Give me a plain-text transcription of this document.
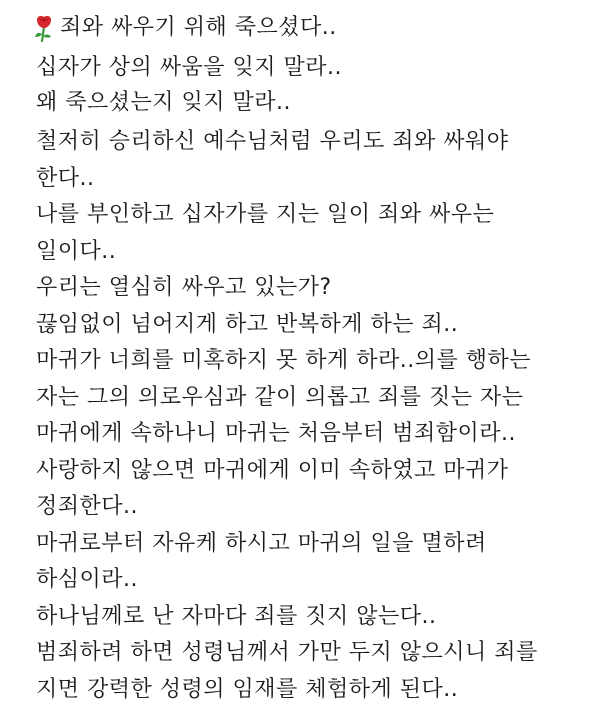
죄와 싸우기 위해 죽으셨다..
십자가 상의 싸움을 잊지 말라..
왜 죽으셨는지 잊지 말라..
철저히 승리하신 예수님처럼 우리도 죄와 싸워야
한다..
나를 부인하고 십자가를 지는 일이 죄와 싸우는
일이다..
우리는 열심히 싸우고 있는가?
끊임없이 넘어지게 하고 반복하게 하는 죄..
마귀가 너희를 미혹하지 못 하게 하라..의를 행하는
자는 그의 의로우심과 같이 의롭고 죄를 짓는 자는
마귀에게 속하나니 마귀는 처음부터 범죄함이라..
사랑하지 않으면 마귀에게 이미 속하였고 마귀가
정죄한다..
마귀로부터 자유케 하시고 마귀의 일을 멸하려
하심이라..
하나님께로 난 자마다 죄를 짓지 않는다..
범죄하려 하면 성령님께서 가만 두지 않으시니 죄를
지면 강력한 성령의 임재를 체험하게 된다..
